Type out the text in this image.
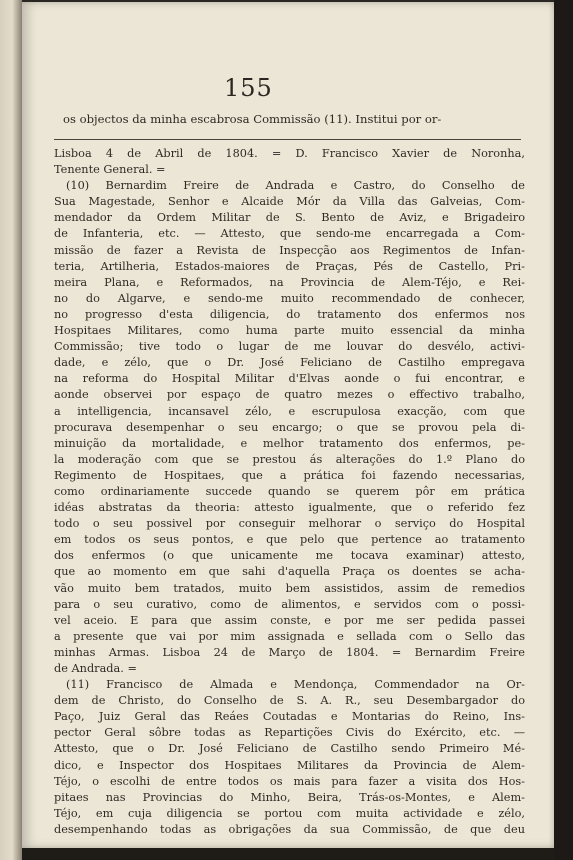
155
os objectos da minha escabrosa Commissão (11). Institui por or-
Lisboa 4 de Abril de 1804. = D. Francisco Xavier de Noronha,
Tenente General. =
(10) Bernardim Freire de Andrada e Castro, do Conselho de
Sua Magestade, Senhor e Alcaide Mór da Villa das Galveias, Com-
mendador da Ordem Militar de S. Bento de Aviz, e Brigadeiro
de Infanteria, etc. — Attesto, que sendo-me encarregada a Com-
missão de fazer a Revista de Inspecção aos Regimentos de Infan-
teria, Artilheria, Estados-maiores de Praças, Pés de Castello, Pri-
meira Plana, e Reformados, na Provincia de Alem-Téjo, e Rei-
no do Algarve, e sendo-me muito recommendado de conhecer,
no progresso d'esta diligencia, do tratamento dos enfermos nos
Hospitaes Militares, como huma parte muito essencial da minha
Commissão; tive todo o lugar de me louvar do desvélo, activi-
dade, e zélo, que o Dr. José Feliciano de Castilho empregava
na reforma do Hospital Militar d'Elvas aonde o fui encontrar, e
aonde observei por espaço de quatro mezes o effectivo trabalho,
a intelligencia, incansavel zélo, e escrupulosa exacção, com que
procurava desempenhar o seu encargo; o que se provou pela di-
minuição da mortalidade, e melhor tratamento dos enfermos, pe-
la moderação com que se prestou ás alterações do 1.º Plano do
Regimento de Hospitaes, que a prática foi fazendo necessarias,
como ordinariamente succede quando se querem pôr em prática
idéas abstratas da theoria: attesto igualmente, que o referido fez
todo o seu possivel por conseguir melhorar o serviço do Hospital
em todos os seus pontos, e que pelo que pertence ao tratamento
dos enfermos (o que unicamente me tocava examinar) attesto,
que ao momento em que sahi d'aquella Praça os doentes se acha-
vão muito bem tratados, muito bem assistidos, assim de remedios
para o seu curativo, como de alimentos, e servidos com o possi-
vel aceio. E para que assim conste, e por me ser pedida passei
a presente que vai por mim assignada e sellada com o Sello das
minhas Armas. Lisboa 24 de Março de 1804. = Bernardim Freire
de Andrada. =
(11) Francisco de Almada e Mendonça, Commendador na Or-
dem de Christo, do Conselho de S. A. R., seu Desembargador do
Paço, Juiz Geral das Reáes Coutadas e Montarias do Reino, Ins-
pector Geral sôbre todas as Repartições Civis do Exército, etc. —
Attesto, que o Dr. José Feliciano de Castilho sendo Primeiro Mé-
dico, e Inspector dos Hospitaes Militares da Provincia de Alem-
Téjo, o escolhi de entre todos os mais para fazer a visita dos Hos-
pitaes nas Provincias do Minho, Beira, Trás-os-Montes, e Alem-
Téjo, em cuja diligencia se portou com muita actividade e zélo,
desempenhando todas as obrigações da sua Commissão, de que deu
